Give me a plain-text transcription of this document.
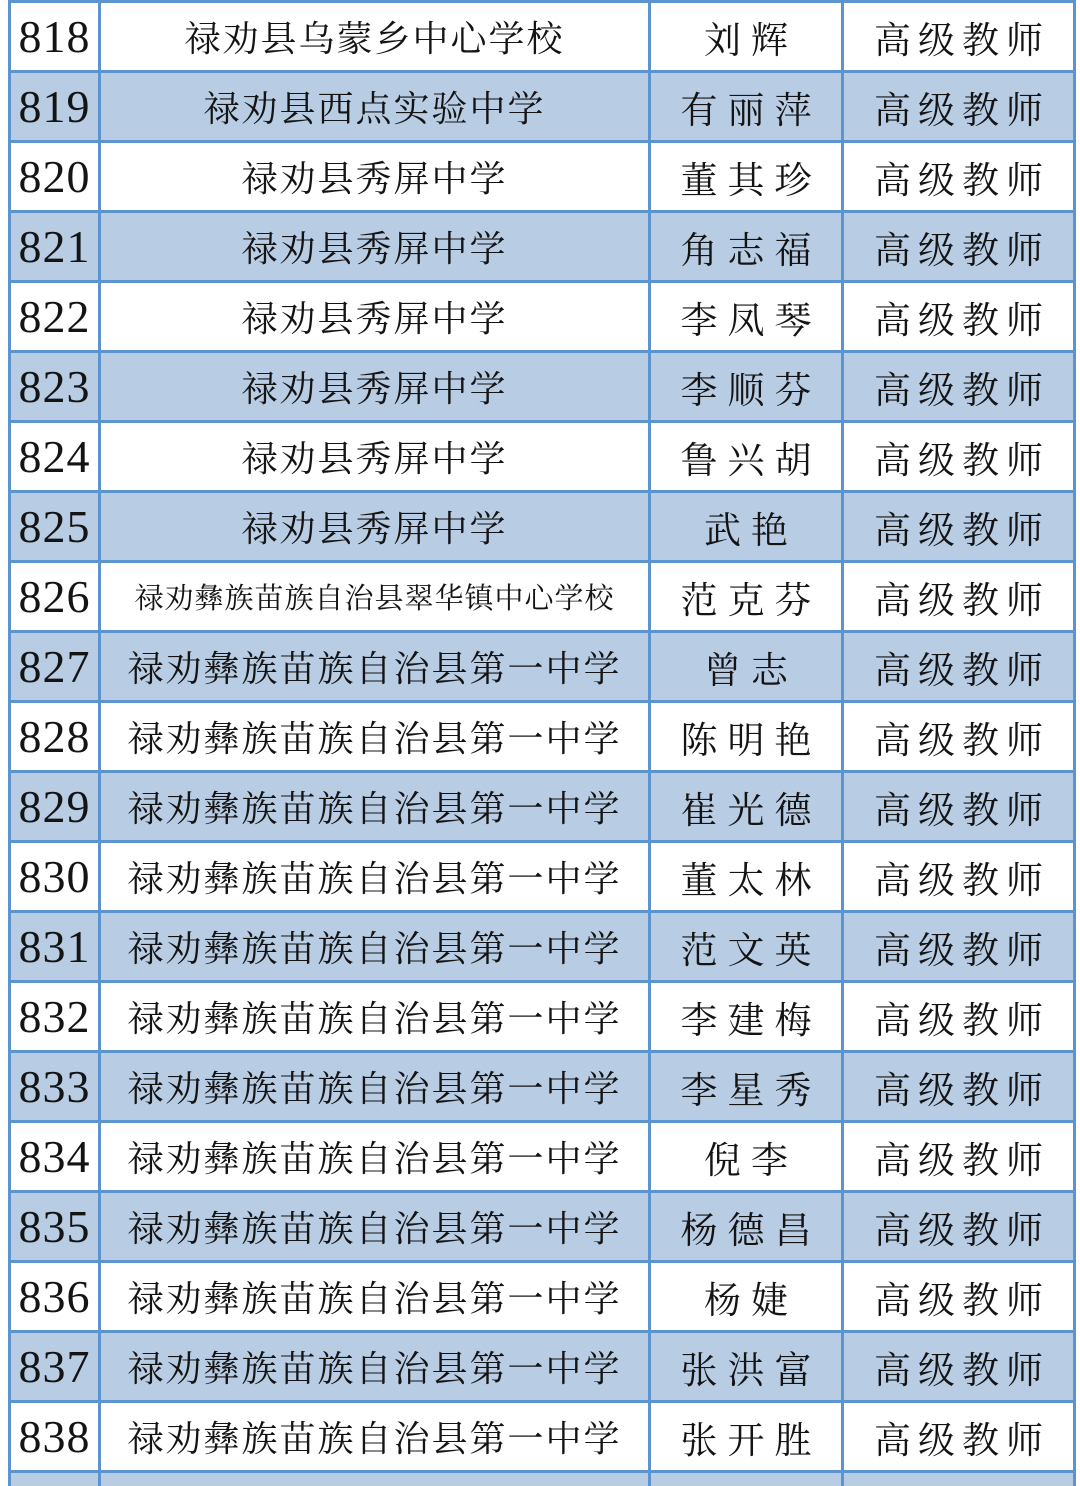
818	禄劝县乌蒙乡中心学校	刘辉	高级教师
819	禄劝县西点实验中学	有丽萍	高级教师
820	禄劝县秀屏中学	董其珍	高级教师
821	禄劝县秀屏中学	角志福	高级教师
822	禄劝县秀屏中学	李凤琴	高级教师
823	禄劝县秀屏中学	李顺芬	高级教师
824	禄劝县秀屏中学	鲁兴胡	高级教师
825	禄劝县秀屏中学	武艳	高级教师
826	禄劝彝族苗族自治县翠华镇中心学校	范克芬	高级教师
827	禄劝彝族苗族自治县第一中学	曾志	高级教师
828	禄劝彝族苗族自治县第一中学	陈明艳	高级教师
829	禄劝彝族苗族自治县第一中学	崔光德	高级教师
830	禄劝彝族苗族自治县第一中学	董太林	高级教师
831	禄劝彝族苗族自治县第一中学	范文英	高级教师
832	禄劝彝族苗族自治县第一中学	李建梅	高级教师
833	禄劝彝族苗族自治县第一中学	李星秀	高级教师
834	禄劝彝族苗族自治县第一中学	倪李	高级教师
835	禄劝彝族苗族自治县第一中学	杨德昌	高级教师
836	禄劝彝族苗族自治县第一中学	杨婕	高级教师
837	禄劝彝族苗族自治县第一中学	张洪富	高级教师
838	禄劝彝族苗族自治县第一中学	张开胜	高级教师
